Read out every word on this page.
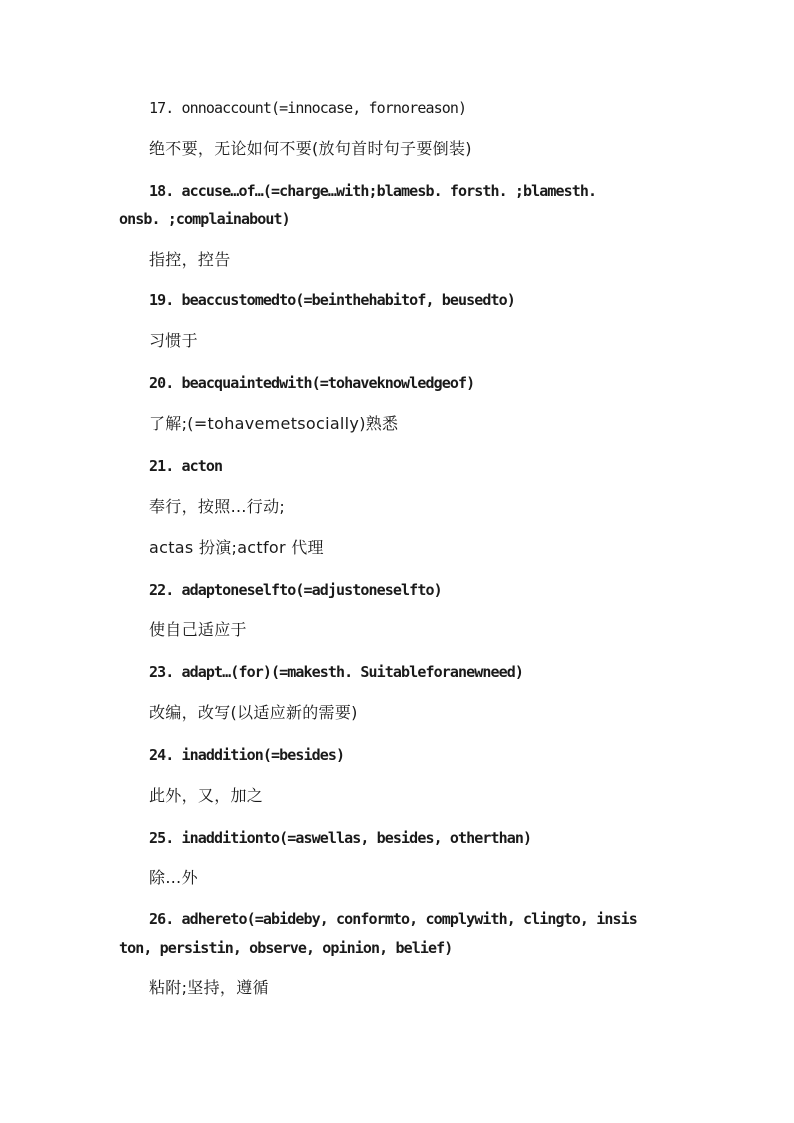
17. onnoaccount(=innocase, fornoreason)
绝不要，无论如何不要(放句首时句子要倒装)
18. accuse…of…(=charge…with;blamesb. forsth. ;blamesth.
onsb. ;complainabout)
指控，控告
19. beaccustomedto(=beinthehabitof, beusedto)
习惯于
20. beacquaintedwith(=tohaveknowledgeof)
了解;(=tohavemetsocially)熟悉
21. acton
奉行，按照…行动;
actas 扮演;actfor 代理
22. adaptoneselfto(=adjustoneselfto)
使自己适应于
23. adapt…(for)(=makesth. Suitableforanewneed)
改编，改写(以适应新的需要)
24. inaddition(=besides)
此外，又，加之
25. inadditionto(=aswellas, besides, otherthan)
除…外
26. adhereto(=abideby, conformto, complywith, clingto, insis
ton, persistin, observe, opinion, belief)
粘附;坚持，遵循
